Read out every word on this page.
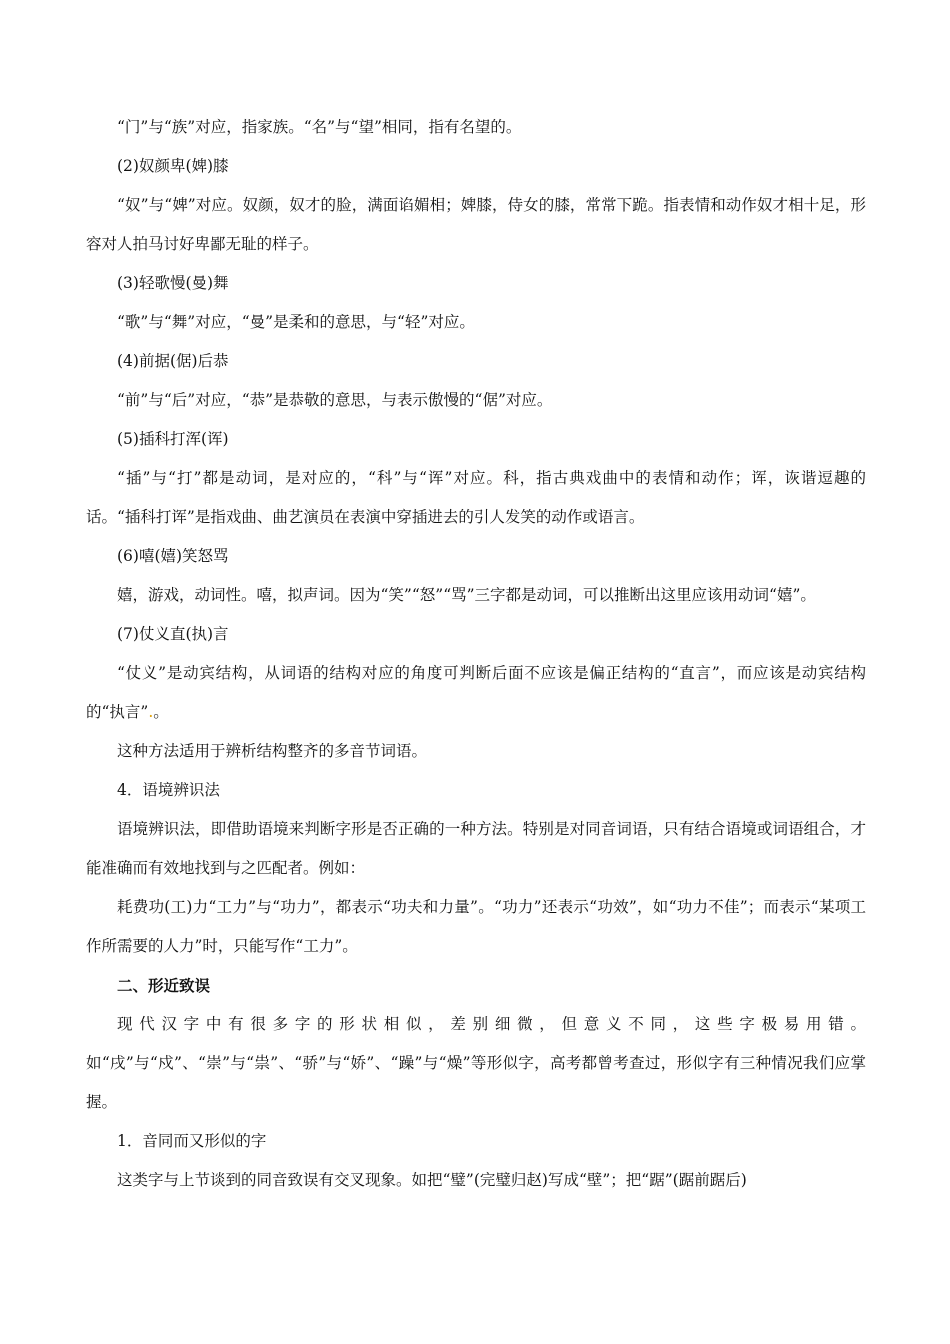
“门”与“族”对应，指家族。“名”与“望”相同，指有名望的。

(2)奴颜卑(婢)膝

“奴”与“婢”对应。奴颜，奴才的脸，满面谄媚相；婢膝，侍女的膝，常常下跪。指表情和动作奴才相十足，形容对人拍马讨好卑鄙无耻的样子。

(3)轻歌慢(曼)舞

“歌”与“舞”对应，“曼”是柔和的意思，与“轻”对应。

(4)前据(倨)后恭

“前”与“后”对应，“恭”是恭敬的意思，与表示傲慢的“倨”对应。

(5)插科打浑(诨)

“插”与“打”都是动词，是对应的，“科”与“诨”对应。科，指古典戏曲中的表情和动作；诨，诙谐逗趣的话。“插科打诨”是指戏曲、曲艺演员在表演中穿插进去的引人发笑的动作或语言。

(6)嘻(嬉)笑怒骂

嬉，游戏，动词性。嘻，拟声词。因为“笑”“怒”“骂”三字都是动词，可以推断出这里应该用动词“嬉”。

(7)仗义直(执)言

“仗义”是动宾结构，从词语的结构对应的角度可判断后面不应该是偏正结构的“直言”，而应该是动宾结构的“执言”.。

这种方法适用于辨析结构整齐的多音节词语。

4．语境辨识法

语境辨识法，即借助语境来判断字形是否正确的一种方法。特别是对同音词语，只有结合语境或词语组合，才能准确而有效地找到与之匹配者。例如：

耗费功(工)力“工力”与“功力”，都表示“功夫和力量”。“功力”还表示“功效”，如“功力不佳”；而表示“某项工作所需要的人力”时，只能写作“工力”。

二、形近致误

现代汉字中有很多字的形状相似，差别细微，但意义不同，这些字极易用错。如“戌”与“戍”、“崇”与“祟”、“骄”与“娇”、“躁”与“燥”等形似字，高考都曾考查过，形似字有三种情况我们应掌握。

1．音同而又形似的字

这类字与上节谈到的同音致误有交叉现象。如把“璧”(完璧归赵)写成“壁”；把“踞”(踞前踞后)
